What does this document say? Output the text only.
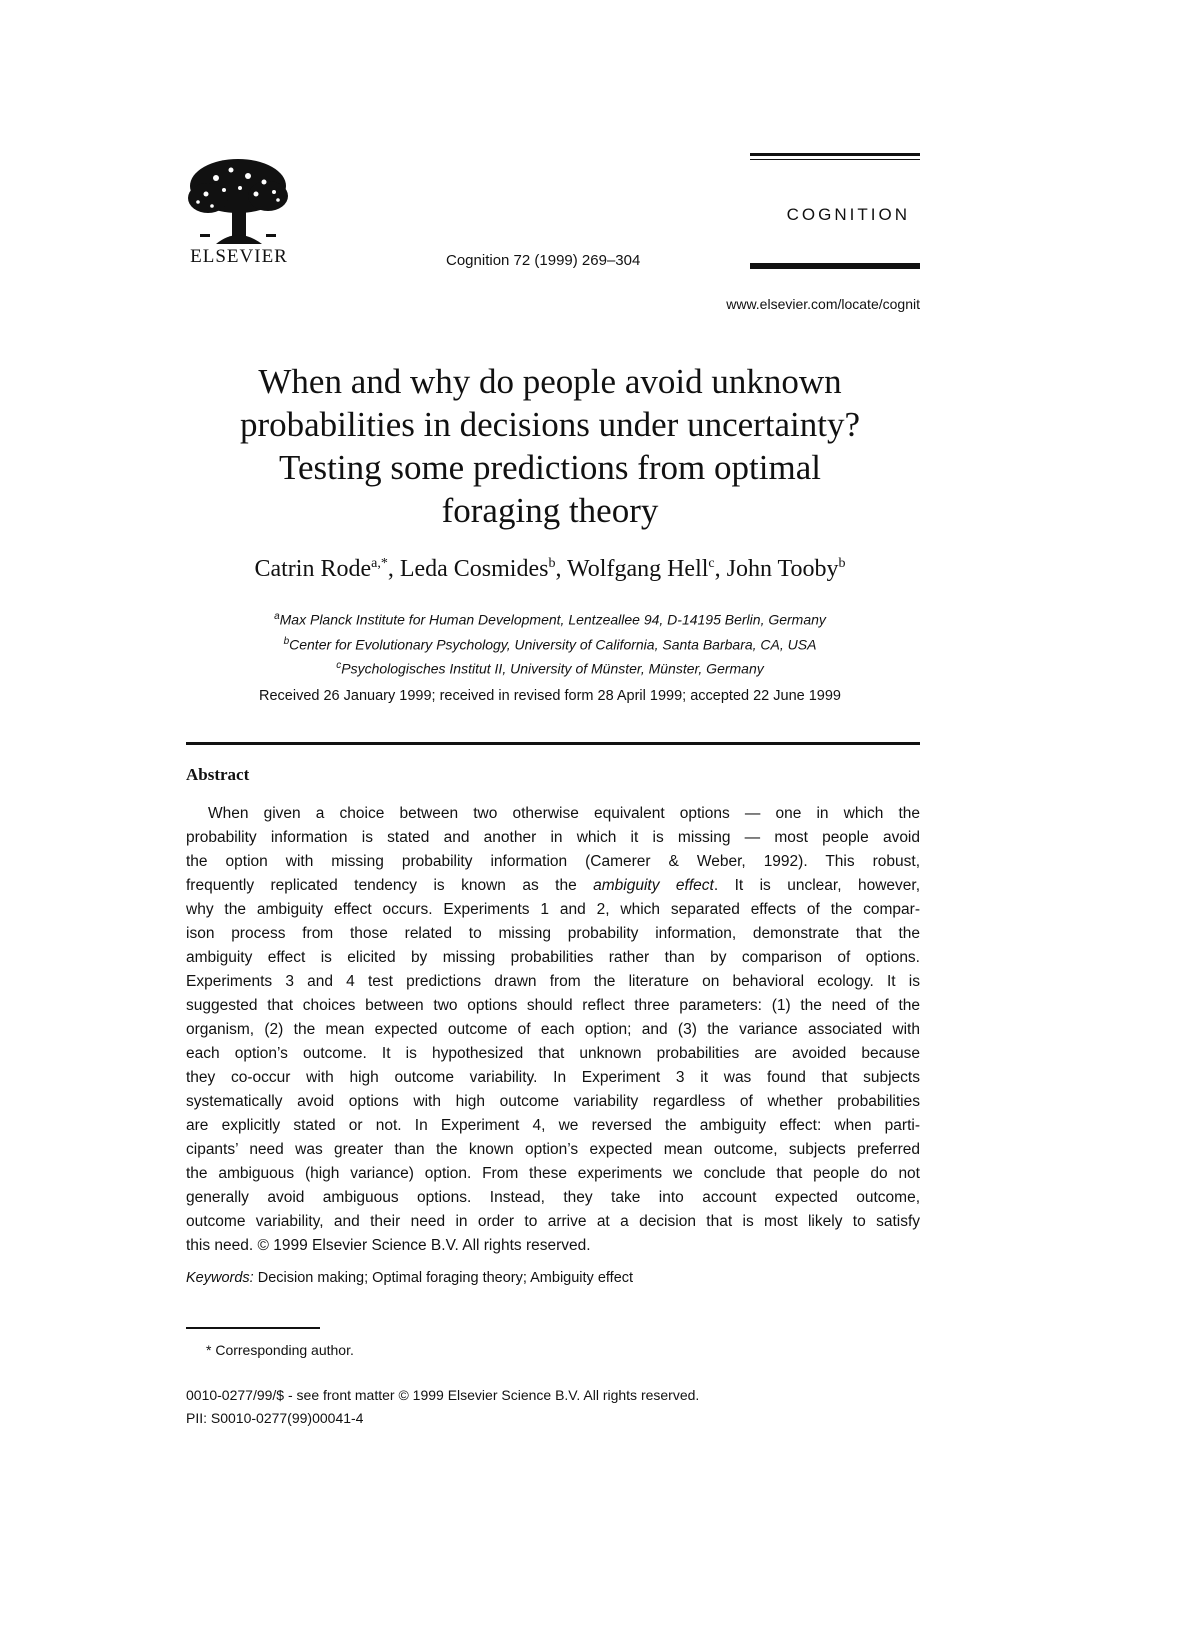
ELSEVIER	Cognition 72 (1999) 269–304
COGNITION
www.elsevier.com/locate/cognit
When and why do people avoid unknown
probabilities in decisions under uncertainty?
Testing some predictions from optimal
foraging theory
Catrin Rode$^{a,*}$, Leda Cosmides$^b$, Wolfgang Hell$^c$, John Tooby$^b$
$^a$Max Planck Institute for Human Development, Lentzeallee 94, D-14195 Berlin, Germany
$^b$Center for Evolutionary Psychology, University of California, Santa Barbara, CA, USA
$^c$Psychologisches Institut II, University of Münster, Münster, Germany
Received 26 January 1999; received in revised form 28 April 1999; accepted 22 June 1999
Abstract
When given a choice between two otherwise equivalent options — one in which the
probability information is stated and another in which it is missing — most people avoid
the option with missing probability information (Camerer & Weber, 1992). This robust,
frequently replicated tendency is known as the ambiguity effect. It is unclear, however,
why the ambiguity effect occurs. Experiments 1 and 2, which separated effects of the compar-
ison process from those related to missing probability information, demonstrate that the
ambiguity effect is elicited by missing probabilities rather than by comparison of options.
Experiments 3 and 4 test predictions drawn from the literature on behavioral ecology. It is
suggested that choices between two options should reflect three parameters: (1) the need of the
organism, (2) the mean expected outcome of each option; and (3) the variance associated with
each option’s outcome. It is hypothesized that unknown probabilities are avoided because
they co-occur with high outcome variability. In Experiment 3 it was found that subjects
systematically avoid options with high outcome variability regardless of whether probabilities
are explicitly stated or not. In Experiment 4, we reversed the ambiguity effect: when parti-
cipants’ need was greater than the known option’s expected mean outcome, subjects preferred
the ambiguous (high variance) option. From these experiments we conclude that people do not
generally avoid ambiguous options. Instead, they take into account expected outcome,
outcome variability, and their need in order to arrive at a decision that is most likely to satisfy
this need. © 1999 Elsevier Science B.V. All rights reserved.
Keywords: Decision making; Optimal foraging theory; Ambiguity effect
* Corresponding author.
0010-0277/99/$ - see front matter © 1999 Elsevier Science B.V. All rights reserved.
PII: S0010-0277(99)00041-4
